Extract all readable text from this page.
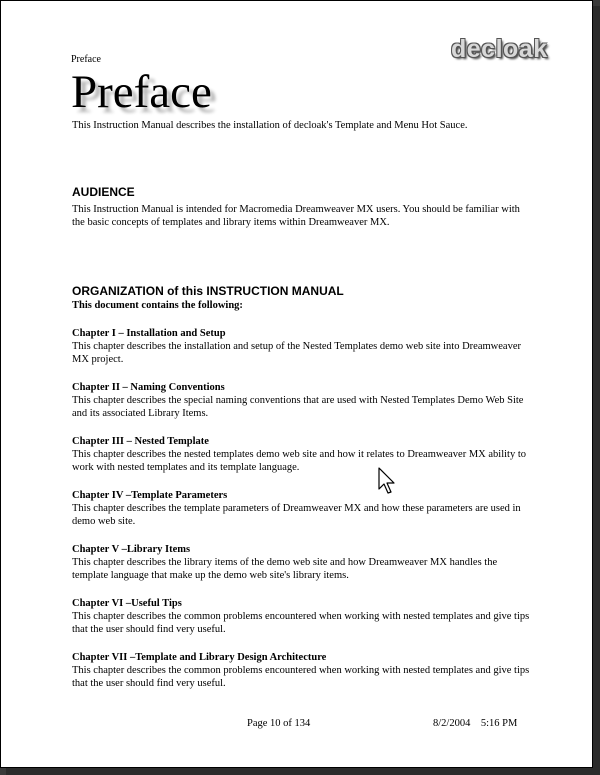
Preface	decloak
Preface
This Instruction Manual describes the installation of decloak's Template and Menu Hot Sauce.
AUDIENCE
This Instruction Manual is intended for Macromedia Dreamweaver MX users. You should be familiar with the basic concepts of templates and library items within Dreamweaver MX.
ORGANIZATION of this INSTRUCTION MANUAL
This document contains the following:
Chapter I – Installation and Setup
This chapter describes the installation and setup of the Nested Templates demo web site into Dreamweaver MX project.
Chapter II – Naming Conventions
This chapter describes the special naming conventions that are used with Nested Templates Demo Web Site and its associated Library Items.
Chapter III – Nested Template
This chapter describes the nested templates demo web site and how it relates to Dreamweaver MX ability to work with nested templates and its template language.
Chapter IV –Template Parameters
This chapter describes the template parameters of Dreamweaver MX and how these parameters are used in demo web site.
Chapter V –Library Items
This chapter describes the library items of the demo web site and how Dreamweaver MX handles the template language that make up the demo web site's library items.
Chapter VI –Useful Tips
This chapter describes the common problems encountered when working with nested templates and give tips that the user should find very useful.
Chapter VII –Template and Library Design Architecture
This chapter describes the common problems encountered when working with nested templates and give tips that the user should find very useful.
Page 10 of 134	8/2/2004    5:16 PM
